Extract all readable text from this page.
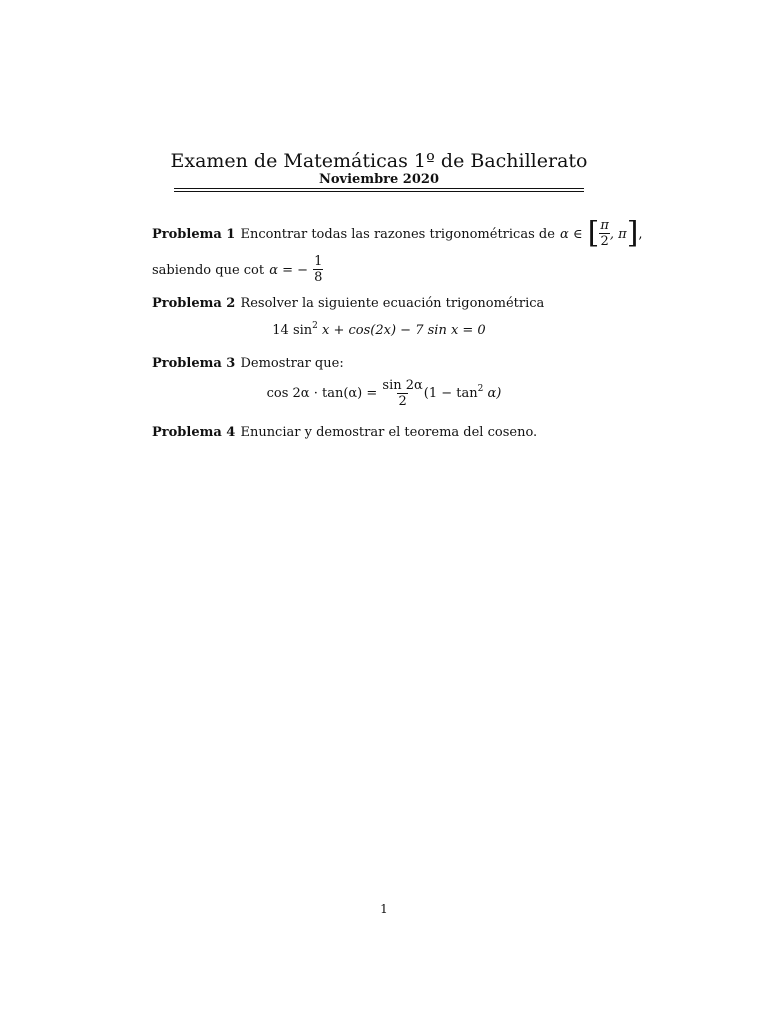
Examen de Matemáticas 1º de Bachillerato
Noviembre 2020
Problema 1 Encontrar todas las razones trigonométricas de α ∈ [ $\frac{\pi}{2}$ , π],
sabiendo que cot α = − $\frac{1}{8}$
Problema 2 Resolver la siguiente ecuación trigonométrica
14 $\sin^2 x + \cos(2x) - 7$ sin x = 0
Problema 3 Demostrar que:
$\cos 2\alpha \cdot \tan(\alpha) = \frac{\sin 2\alpha}{2} (1 - \tan^2 \alpha)$
Problema 4 Enunciar y demostrar el teorema del coseno.
1
